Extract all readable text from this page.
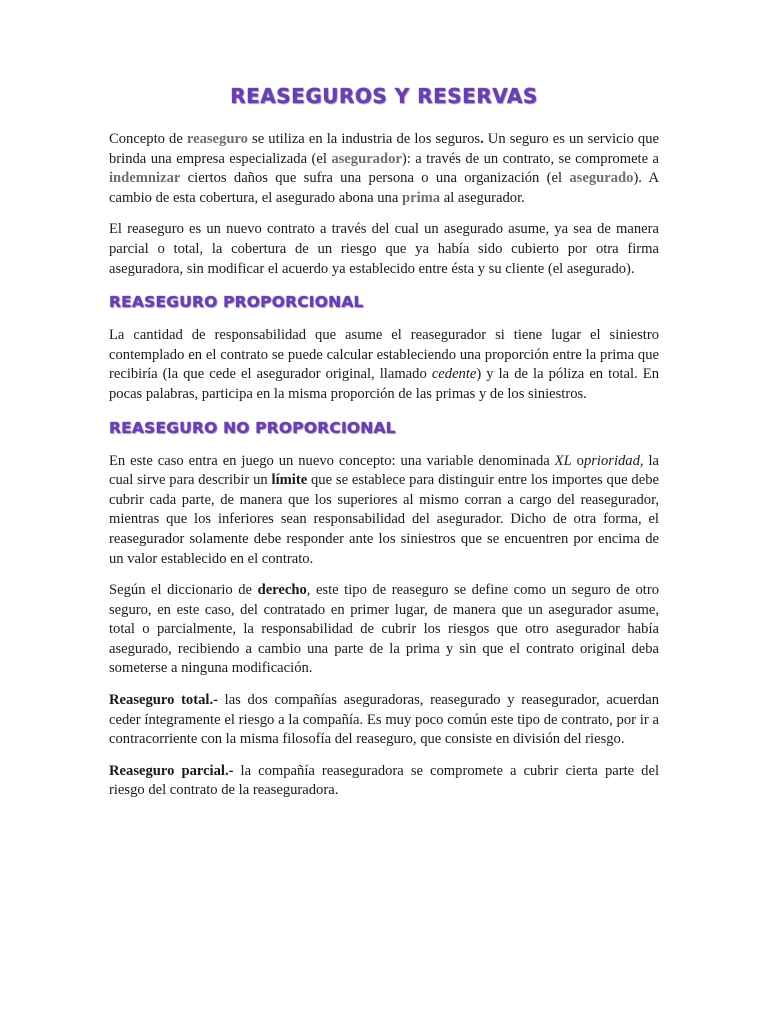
REASEGUROS Y RESERVAS

Concepto de reaseguro se utiliza en la industria de los seguros. Un seguro es un servicio que brinda una empresa especializada (el asegurador): a través de un contrato, se compromete a indemnizar ciertos daños que sufra una persona o una organización (el asegurado). A cambio de esta cobertura, el asegurado abona una prima al asegurador.

El reaseguro es un nuevo contrato a través del cual un asegurado asume, ya sea de manera parcial o total, la cobertura de un riesgo que ya había sido cubierto por otra firma aseguradora, sin modificar el acuerdo ya establecido entre ésta y su cliente (el asegurado).

REASEGURO PROPORCIONAL

La cantidad de responsabilidad que asume el reasegurador si tiene lugar el siniestro contemplado en el contrato se puede calcular estableciendo una proporción entre la prima que recibiría (la que cede el asegurador original, llamado cedente) y la de la póliza en total. En pocas palabras, participa en la misma proporción de las primas y de los siniestros.

REASEGURO NO PROPORCIONAL

En este caso entra en juego un nuevo concepto: una variable denominada XL oprioridad, la cual sirve para describir un límite que se establece para distinguir entre los importes que debe cubrir cada parte, de manera que los superiores al mismo corran a cargo del reasegurador, mientras que los inferiores sean responsabilidad del asegurador. Dicho de otra forma, el reasegurador solamente debe responder ante los siniestros que se encuentren por encima de un valor establecido en el contrato.

Según el diccionario de derecho, este tipo de reaseguro se define como un seguro de otro seguro, en este caso, del contratado en primer lugar, de manera que un asegurador asume, total o parcialmente, la responsabilidad de cubrir los riesgos que otro asegurador había asegurado, recibiendo a cambio una parte de la prima y sin que el contrato original deba someterse a ninguna modificación.

Reaseguro total.- las dos compañías aseguradoras, reasegurado y reasegurador, acuerdan ceder íntegramente el riesgo a la compañía. Es muy poco común este tipo de contrato, por ir a contracorriente con la misma filosofía del reaseguro, que consiste en división del riesgo.

Reaseguro parcial.- la compañía reaseguradora se compromete a cubrir cierta parte del riesgo del contrato de la reaseguradora.
